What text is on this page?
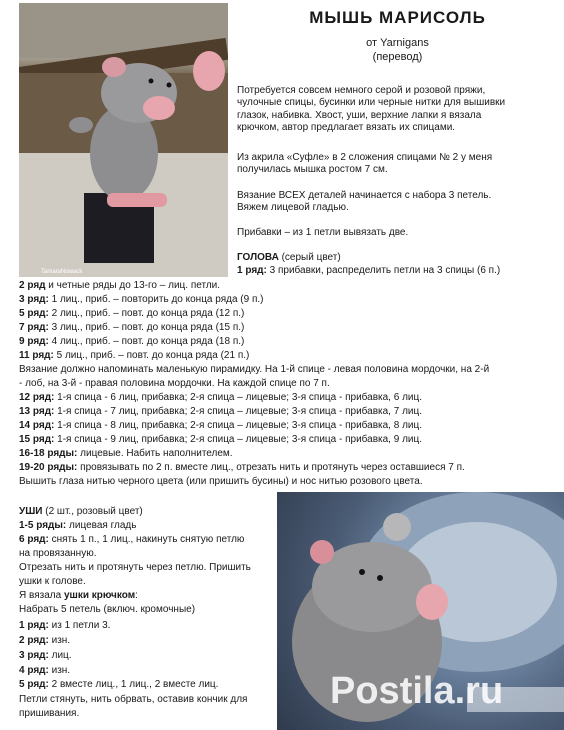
TamaraNowack
МЫШЬ МАРИСОЛЬ
от Yarnigans
(перевод)
Потребуется совсем немного серой и розовой пряжи, чулочные спицы, бусинки или черные нитки для вышивки глазок, набивка. Хвост, уши, верхние лапки я вязала крючком, автор предлагает вязать их спицами.
Из акрила «Суфле» в 2 сложения спицами № 2 у меня получилась мышка ростом 7 см.
Вязание ВСЕХ деталей начинается с набора 3 петель. Вяжем лицевой гладью.
Прибавки – из 1 петли вывязать две.
ГОЛОВА (серый цвет)
1 ряд: 3 прибавки, распределить петли на 3 спицы (6 п.)
2 ряд и четные ряды до 13-го – лиц. петли.
3 ряд: 1 лиц., приб. – повторить до конца ряда (9 п.)
5 ряд: 2 лиц., приб. – повт. до конца ряда (12 п.)
7 ряд: 3 лиц., приб. – повт. до конца ряда (15 п.)
9 ряд: 4 лиц., приб. – повт. до конца ряда (18 п.)
11 ряд: 5 лиц., приб. – повт. до конца ряда (21 п.)
Вязание должно напоминать маленькую пирамидку. На 1-й спице - левая половина мордочки, на 2-й
- лоб, на 3-й - правая половина мордочки. На каждой спице по 7 п.
12 ряд: 1-я спица - 6 лиц, прибавка; 2-я спица – лицевые; 3-я спица - прибавка, 6 лиц.
13 ряд: 1-я спица - 7 лиц, прибавка; 2-я спица – лицевые; 3-я спица - прибавка, 7 лиц.
14 ряд: 1-я спица - 8 лиц, прибавка; 2-я спица – лицевые; 3-я спица - прибавка, 8 лиц.
15 ряд: 1-я спица - 9 лиц, прибавка; 2-я спица – лицевые; 3-я спица - прибавка, 9 лиц.
16-18 ряды: лицевые. Набить наполнителем.
19-20 ряды: провязывать по 2 п. вместе лиц., отрезать нить и протянуть через оставшиеся 7 п.
Вышить глаза нитью черного цвета (или пришить бусины) и нос нитью розового цвета.
УШИ (2 шт., розовый цвет)
1-5 ряды: лицевая гладь
6 ряд: снять 1 п., 1 лиц., накинуть снятую петлю
на провязанную.
Отрезать нить и протянуть через петлю. Пришить
ушки к голове.
Я вязала ушки крючком:
Набрать 5 петель (включ. кромочные)
1 ряд: из 1 петли 3.
2 ряд: изн.
3 ряд: лиц.
4 ряд: изн.
5 ряд: 2 вместе лиц., 1 лиц., 2 вместе лиц.
Петли стянуть, нить обрвать, оставив кончик для
пришивания.
Postila.ru
